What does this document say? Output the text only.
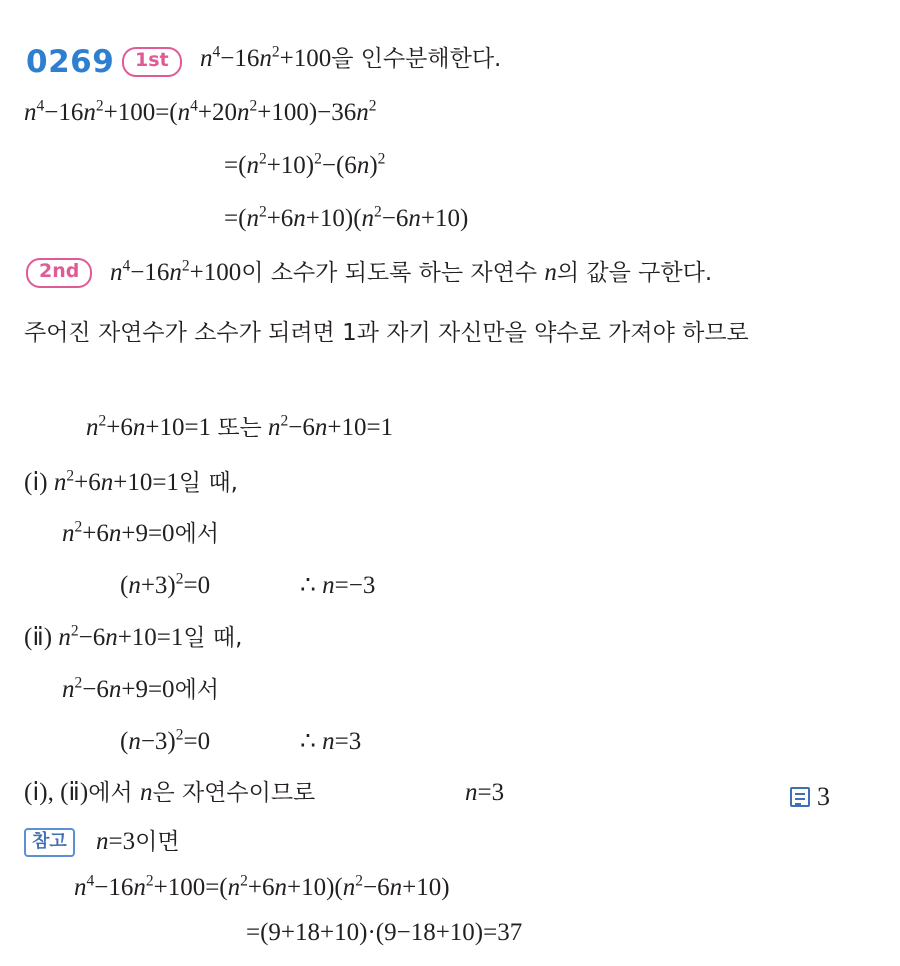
0269	1st	$n^4-16n^2+100$을 인수분해한다.
$n^4-16n^2+100=(n^4+20n^2+100)-36n^2$
$=(n^2+10)^2-(6n)^2$
$=(n^2+6n+10)(n^2-6n+10)$
2nd	$n^4-16n^2+100$이 소수가 되도록 하는 자연수 n의 값을 구한다.
주어진 자연수가 소수가 되려면 1과 자기 자신만을 약수로 가져야 하므로
$n^2+6n+10=1$ 또는 $n^2-6n+10=1$
(ⅰ) $n^2+6n+10=1$일 때,
$n^2+6n+9=0$에서
$(n+3)^2=0$	∴ n=−3
(ⅱ) $n^2-6n+10=1$일 때,
$n^2-6n+9=0$에서
$(n-3)^2=0$	∴ n=3
(ⅰ), (ⅱ)에서 n은 자연수이므로	n=3	3
참고	n=3이면
$n^4-16n^2+100=(n^2+6n+10)(n^2-6n+10)$
=(9+18+10)·(9−18+10)=37
